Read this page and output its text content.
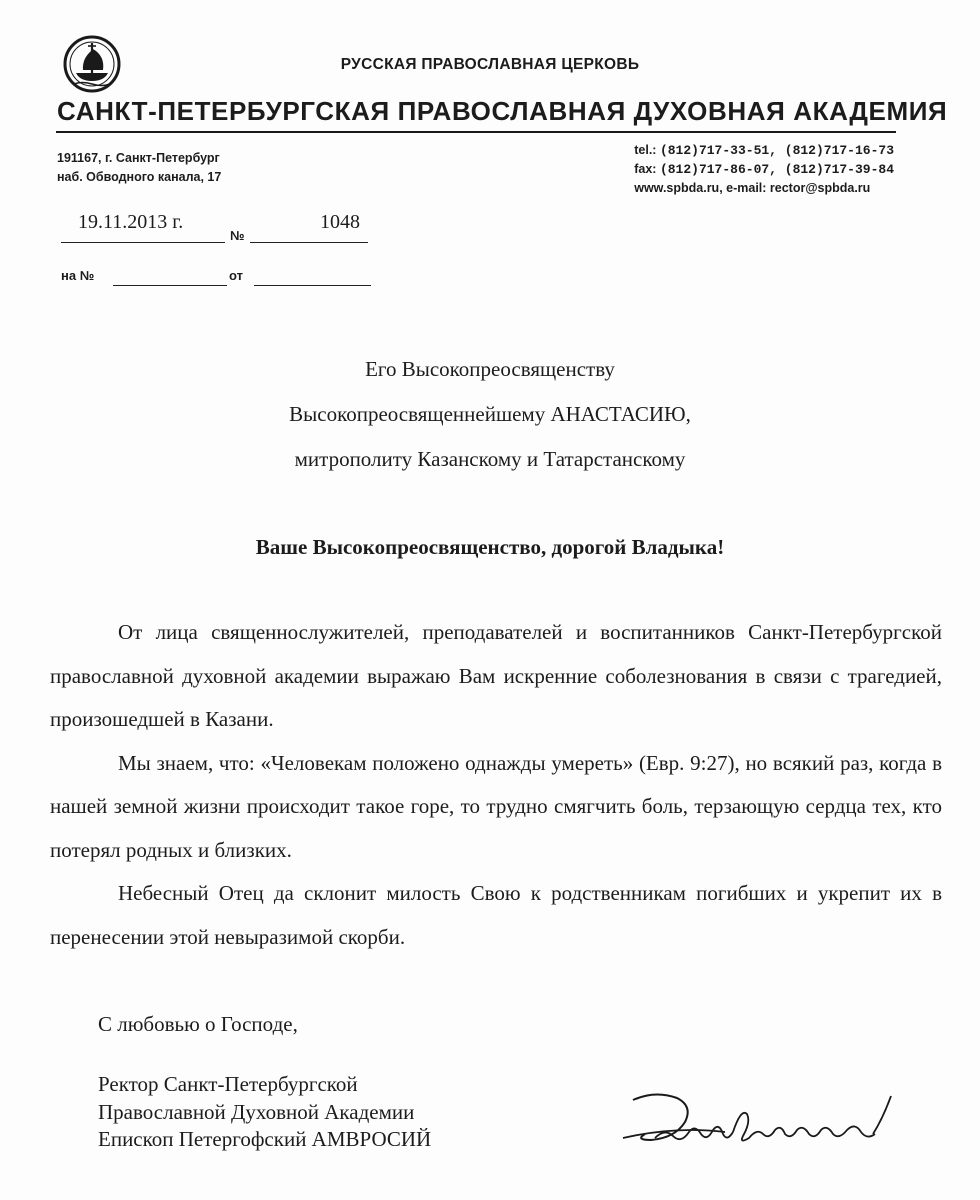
РУССКАЯ ПРАВОСЛАВНАЯ ЦЕРКОВЬ
САНКТ-ПЕТЕРБУРГСКАЯ ПРАВОСЛАВНАЯ ДУХОВНАЯ АКАДЕМИЯ
191167, г. Санкт-Петербург
наб. Обводного канала, 17
tel.: (812)717-33-51, (812)717-16-73
fax: (812)717-86-07, (812)717-39-84
www.spbda.ru, e-mail: rector@spbda.ru
19.11.2013 г.
№
1048
на №	от
Его Высокопреосвященству
Высокопреосвященнейшему АНАСТАСИЮ,
митрополиту Казанскому и Татарстанскому
Ваше Высокопреосвященство, дорогой Владыка!

От лица священнослужителей, преподавателей и воспитанников Санкт-Петербургской православной духовной академии выражаю Вам искренние соболезнования в связи с трагедией, произошедшей в Казани.

Мы знаем, что: «Человекам положено однажды умереть» (Евр. 9:27), но всякий раз, когда в нашей земной жизни происходит такое горе, то трудно смягчить боль, терзающую сердца тех, кто потерял родных и близких.

Небесный Отец да склонит милость Свою к родственникам погибших и укрепит их в перенесении этой невыразимой скорби.

С любовью о Господе,
Ректор Санкт-Петербургской
Православной Духовной Академии
Епископ Петергофский АМВРОСИЙ
